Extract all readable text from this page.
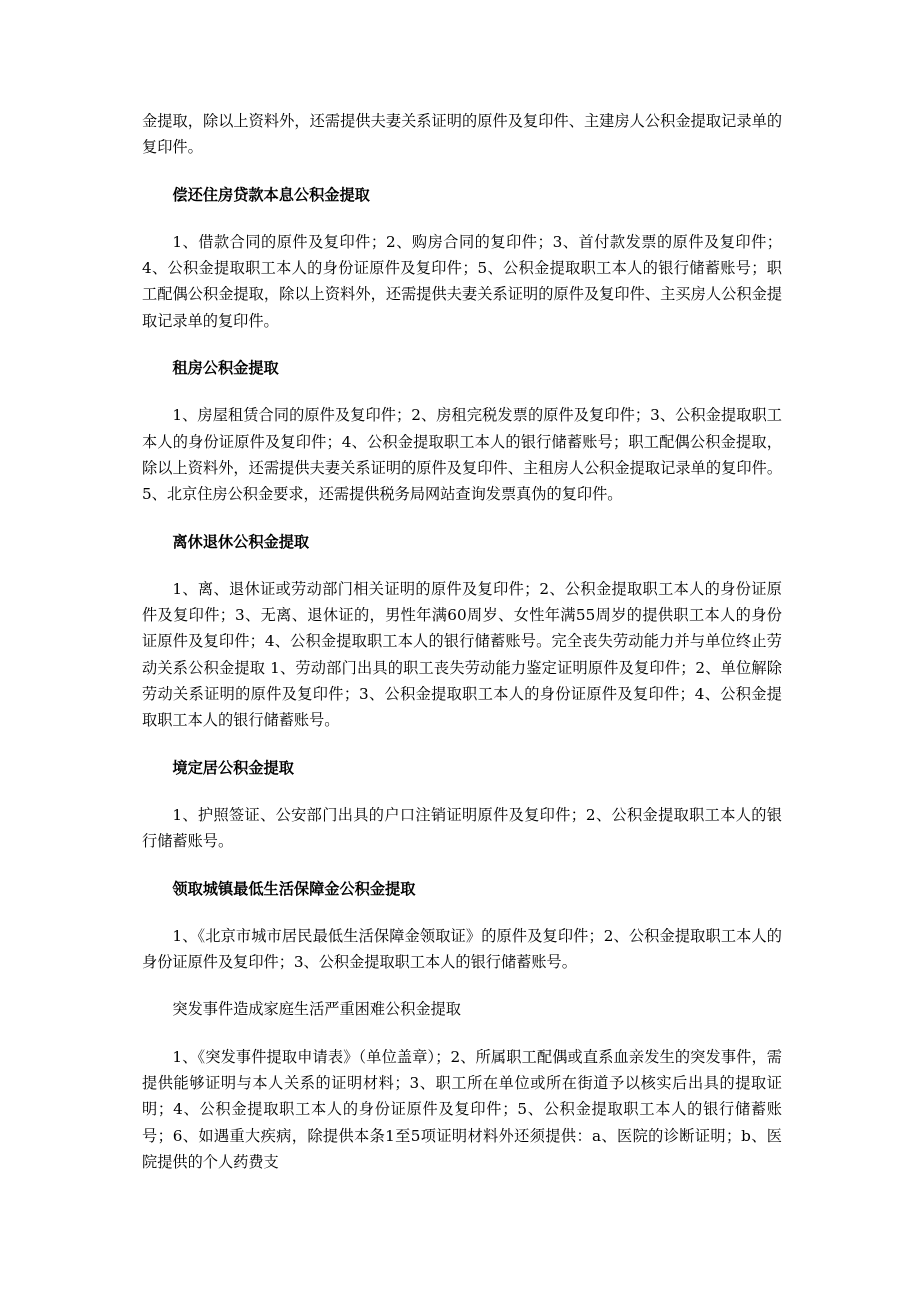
金提取，除以上资料外，还需提供夫妻关系证明的原件及复印件、主建房人公积金提取记录单的复印件。

偿还住房贷款本息公积金提取

1、借款合同的原件及复印件；2、购房合同的复印件；3、首付款发票的原件及复印件；4、公积金提取职工本人的身份证原件及复印件；5、公积金提取职工本人的银行储蓄账号；职工配偶公积金提取，除以上资料外，还需提供夫妻关系证明的原件及复印件、主买房人公积金提取记录单的复印件。

租房公积金提取

1、房屋租赁合同的原件及复印件；2、房租完税发票的原件及复印件；3、公积金提取职工本人的身份证原件及复印件；4、公积金提取职工本人的银行储蓄账号；职工配偶公积金提取，除以上资料外，还需提供夫妻关系证明的原件及复印件、主租房人公积金提取记录单的复印件。5、北京住房公积金要求，还需提供税务局网站查询发票真伪的复印件。

离休退休公积金提取

1、离、退休证或劳动部门相关证明的原件及复印件；2、公积金提取职工本人的身份证原件及复印件；3、无离、退休证的，男性年满60周岁、女性年满55周岁的提供职工本人的身份证原件及复印件；4、公积金提取职工本人的银行储蓄账号。完全丧失劳动能力并与单位终止劳动关系公积金提取 1、劳动部门出具的职工丧失劳动能力鉴定证明原件及复印件；2、单位解除劳动关系证明的原件及复印件；3、公积金提取职工本人的身份证原件及复印件；4、公积金提取职工本人的银行储蓄账号。

境定居公积金提取

1、护照签证、公安部门出具的户口注销证明原件及复印件；2、公积金提取职工本人的银行储蓄账号。

领取城镇最低生活保障金公积金提取

1、《北京市城市居民最低生活保障金领取证》的原件及复印件；2、公积金提取职工本人的身份证原件及复印件；3、公积金提取职工本人的银行储蓄账号。

突发事件造成家庭生活严重困难公积金提取

1、《突发事件提取申请表》（单位盖章）；2、所属职工配偶或直系血亲发生的突发事件，需提供能够证明与本人关系的证明材料；3、职工所在单位或所在街道予以核实后出具的提取证明；4、公积金提取职工本人的身份证原件及复印件；5、公积金提取职工本人的银行储蓄账号；6、如遇重大疾病，除提供本条1至5项证明材料外还须提供：a、医院的诊断证明；b、医院提供的个人药费支
